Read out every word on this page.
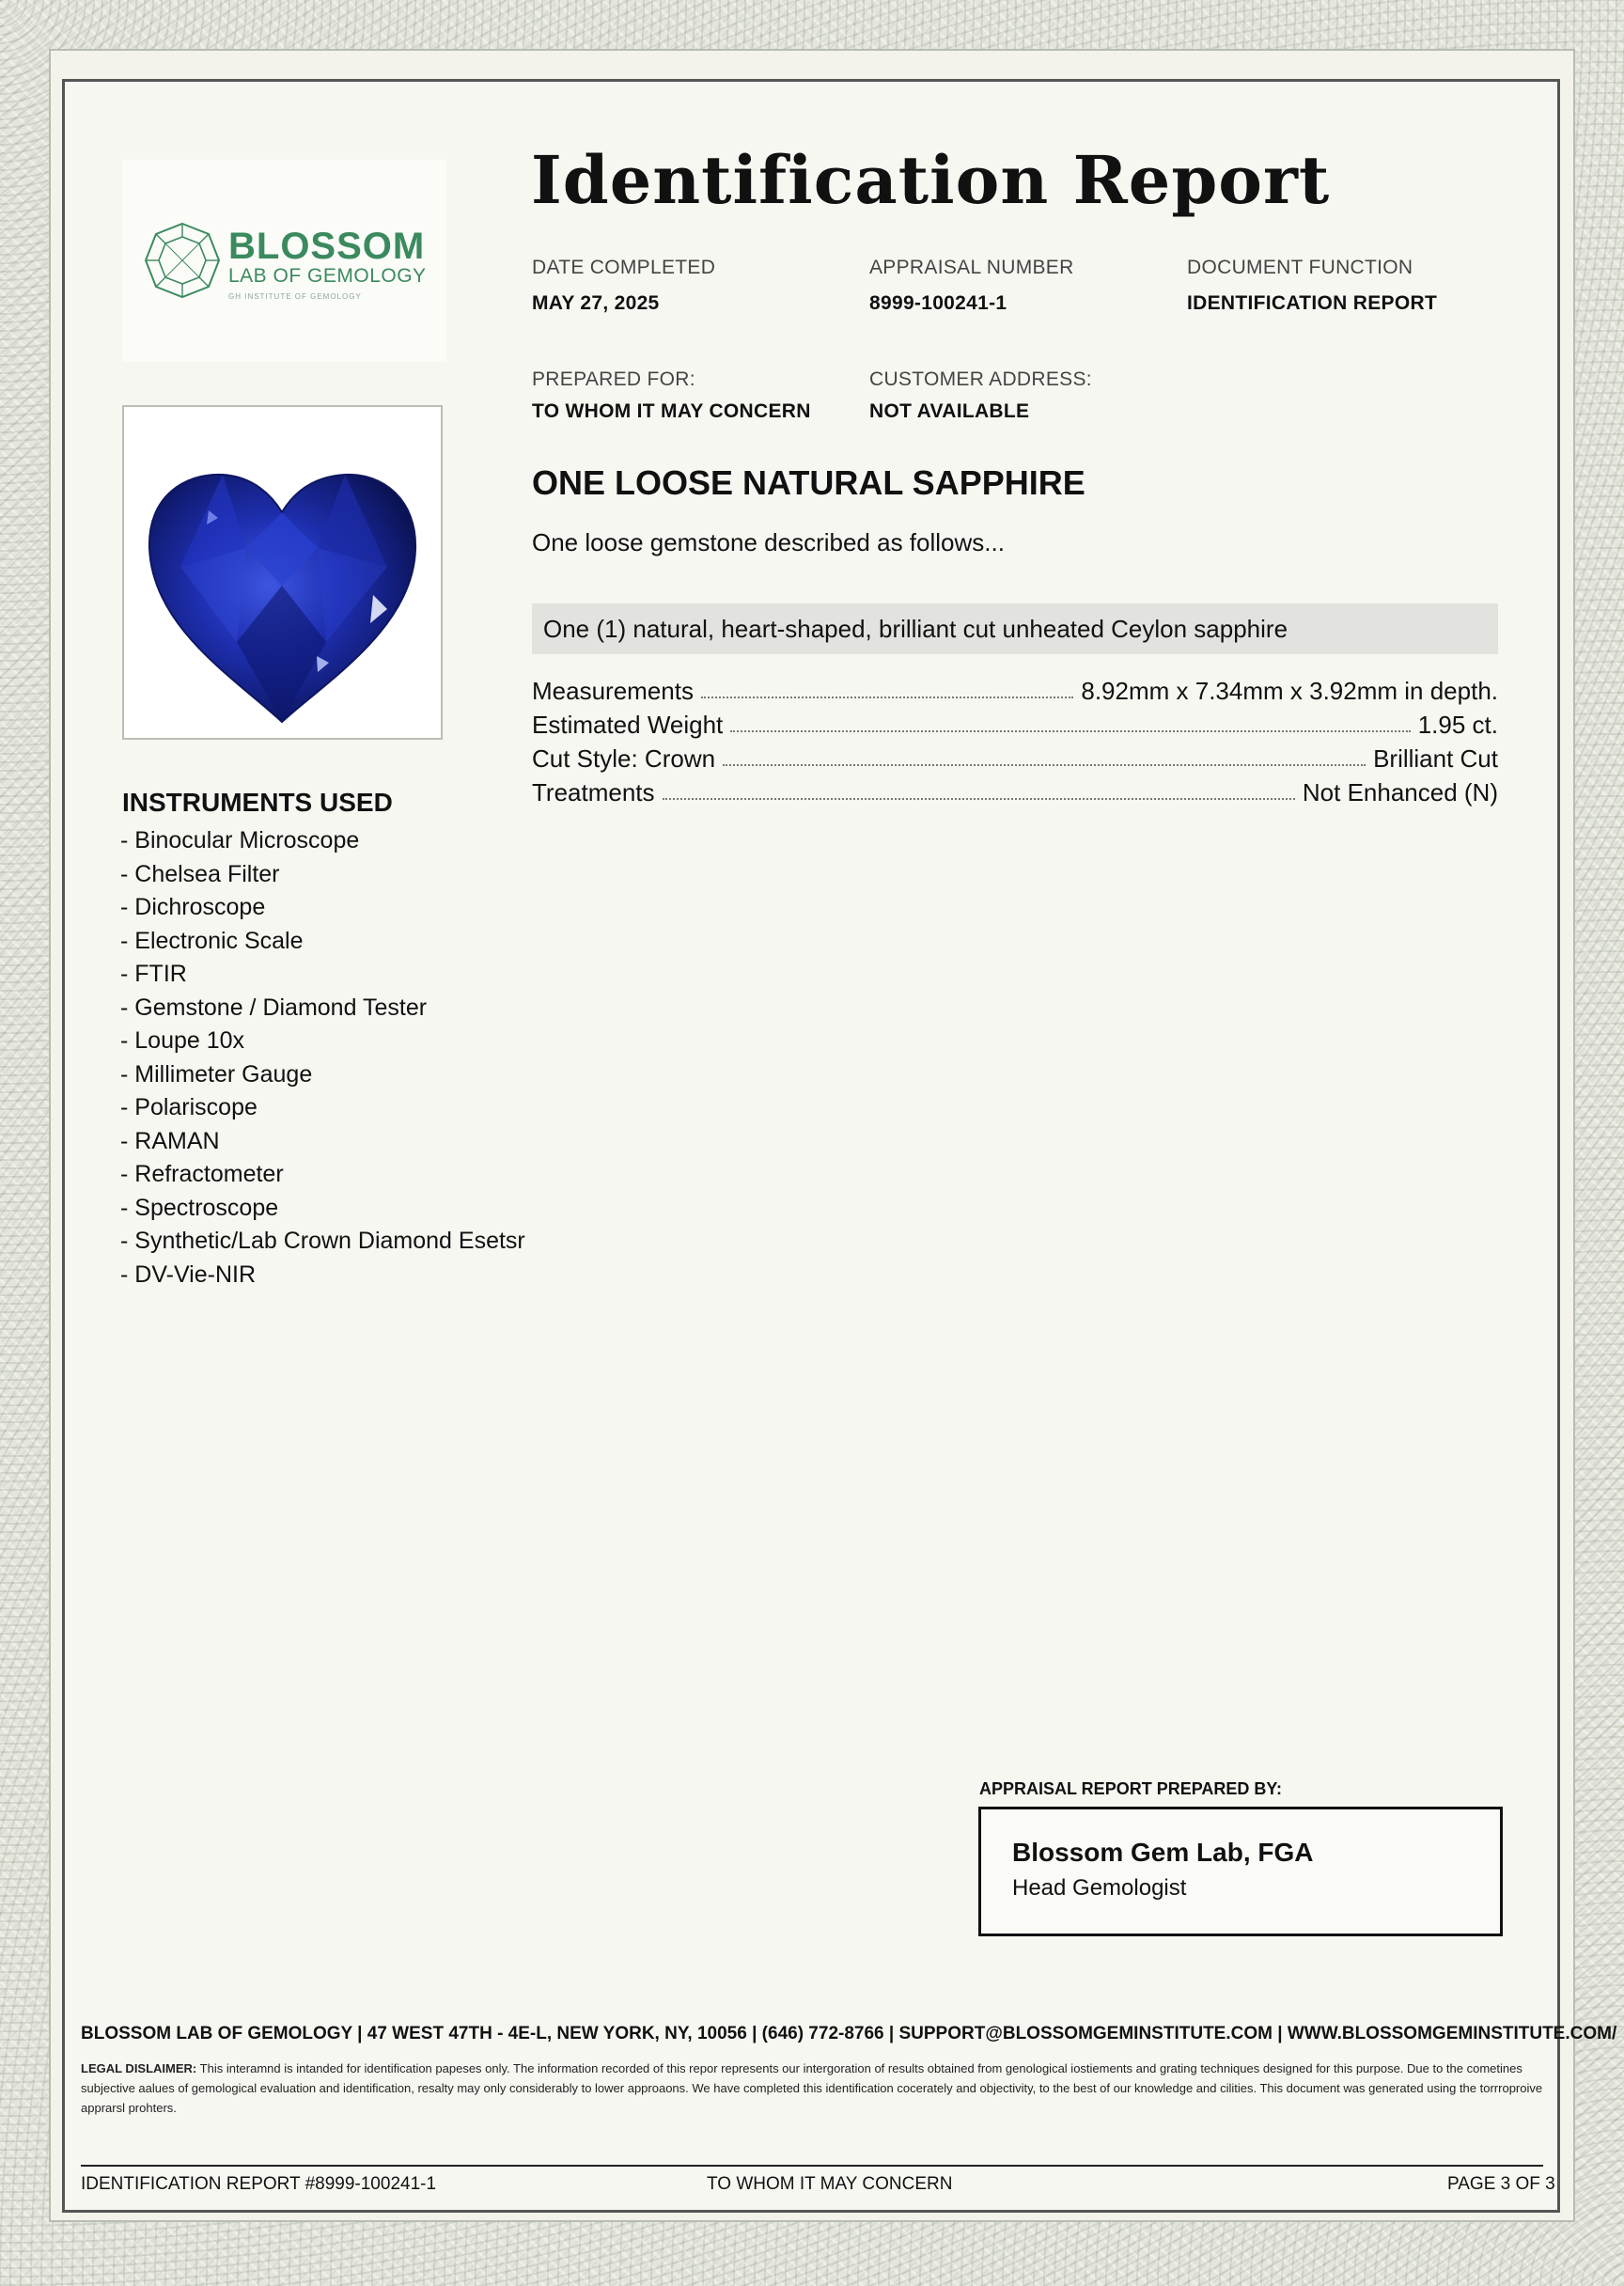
BLOSSOM
LAB OF GEMOLOGY
GH INSTITUTE OF GEMOLOGY
Identification Report
DATE COMPLETED
MAY 27, 2025
APPRAISAL NUMBER
8999-100241-1
DOCUMENT FUNCTION
IDENTIFICATION REPORT
PREPARED FOR:
TO WHOM IT MAY CONCERN
CUSTOMER ADDRESS:
NOT AVAILABLE
INSTRUMENTS USED
- Binocular Microscope
- Chelsea Filter
- Dichroscope
- Electronic Scale
- FTIR
- Gemstone / Diamond Tester
- Loupe 10x
- Millimeter Gauge
- Polariscope
- RAMAN
- Refractometer
- Spectroscope
- Synthetic/Lab Crown Diamond Esetsr
- DV-Vie-NIR
ONE LOOSE NATURAL SAPPHIRE
One loose gemstone described as follows...
One (1) natural, heart-shaped, brilliant cut unheated Ceylon sapphire
Measurements	8.92mm x 7.34mm x 3.92mm in depth.
Estimated Weight	1.95 ct.
Cut Style: Crown	Brilliant Cut
Treatments	Not Enhanced (N)
APPRAISAL REPORT PREPARED BY:
Blossom Gem Lab, FGA
Head Gemologist
BLOSSOM LAB OF GEMOLOGY | 47 WEST 47TH - 4E-L, NEW YORK, NY, 10056 | (646) 772-8766 | SUPPORT@BLOSSOMGEMINSTITUTE.COM | WWW.BLOSSOMGEMINSTITUTE.COM/
LEGAL DISLAIMER: This interamnd is intanded for identification papeses only. The information recorded of this repor represents our intergoration of results obtained from genological iostiements and grating techniques designed for this purpose. Due to the cometines subjective aalues of gemological evaluation and identification, resalty may only considerably to lower approaons. We have completed this identification cocerately and objectivity, to the best of our knowledge and cilities. This document was generated using the torrroproive apprarsl prohters.
IDENTIFICATION REPORT #8999-100241-1	TO WHOM IT MAY CONCERN	PAGE 3 OF 3
